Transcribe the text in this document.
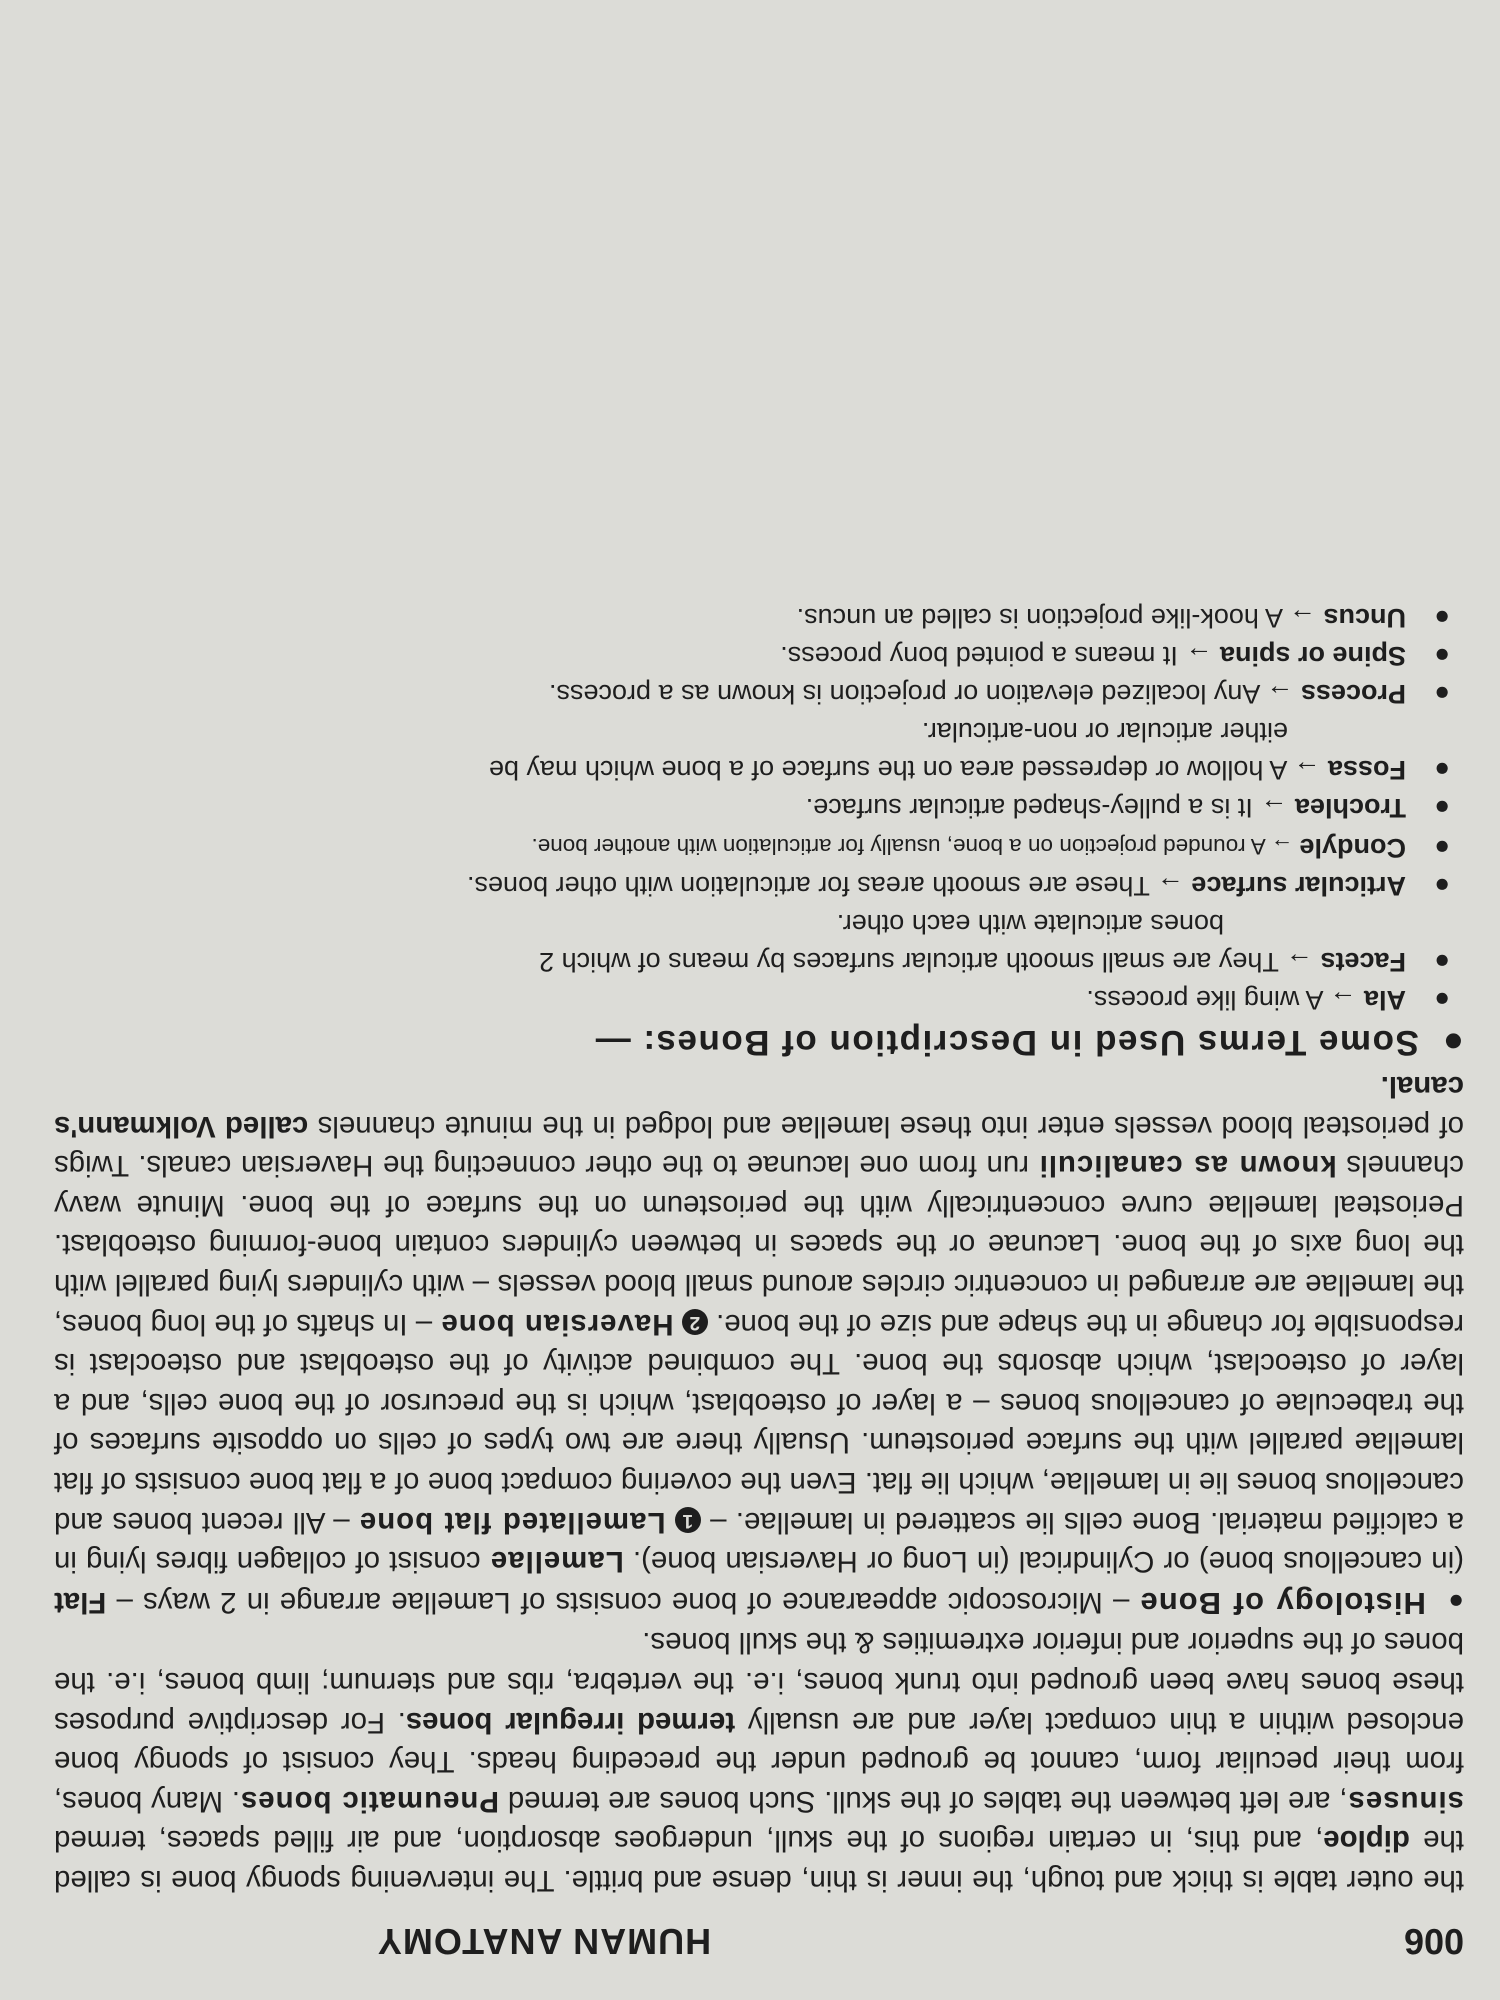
006
HUMAN ANATOMY

the outer table is thick and tough, the inner is thin, dense and brittle. The intervening spongy bone is called the diploe, and this, in certain regions of the skull, undergoes absorption, and air filled spaces, termed sinuses, are left between the tables of the skull. Such bones are termed Pneumatic bones. Many bones, from their peculiar form, cannot be grouped under the preceding heads. They consist of spongy bone enclosed within a thin compact layer and are usually termed irregular bones. For descriptive purposes these bones have been grouped into trunk bones, i.e. the vertebra, ribs and sternum; limb bones, i.e. the bones of the superior and inferior extremities & the skull bones.

●  Histology of Bone – Microscopic appearance of bone consists of Lamellae arrange in 2 ways – Flat (in cancellous bone) or Cylindrical (in Long or Haversian bone). Lamellae consist of collagen fibres lying in a calcified material. Bone cells lie scattered in lamellae. – 1 Lamellated flat bone – All recent bones and cancellous bones lie in lamellae, which lie flat. Even the covering compact bone of a flat bone consists of flat lamellae parallel with the surface periosteum. Usually there are two types of cells on opposite surfaces of the trabeculae of cancellous bones – a layer of osteoblast, which is the precursor of the bone cells, and a layer of osteoclast, which absorbs the bone. The combined activity of the osteoblast and osteoclast is responsible for change in the shape and size of the bone. 2 Haversian bone – In shafts of the long bones, the lamellae are arranged in concentric circles around small blood vessels – with cylinders lying parallel with the long axis of the bone. Lacunae or the spaces in between cylinders contain bone-forming osteoblast. Periosteal lamellae curve concentrically with the periosteum on the surface of the bone. Minute wavy channels known as canaliculi run from one lacunae to the other connecting the Haversian canals. Twigs of periosteal blood vessels enter into these lamellae and lodged in the minute channels called Volkmann's canal.

●  Some Terms Used in Description of Bones: —
●
Ala → A wing like process.
●
Facets → They are small smooth articular surfaces by means of which 2
bones articulate with each other.
●
Articular surface → These are smooth areas for articulation with other bones.
●
Condyle → A rounded projection on a bone, usually for articulation with another bone.
●
Trochlea → It is a pulley-shaped articular surface.
●
Fossa → A hollow or depressed area on the surface of a bone which may be
either articular or non-articular.
●
Process → Any localized elevation or projection is known as a process.
●
Spine or spina → It means a pointed bony process.
●
Uncus → A hook-like projection is called an uncus.
